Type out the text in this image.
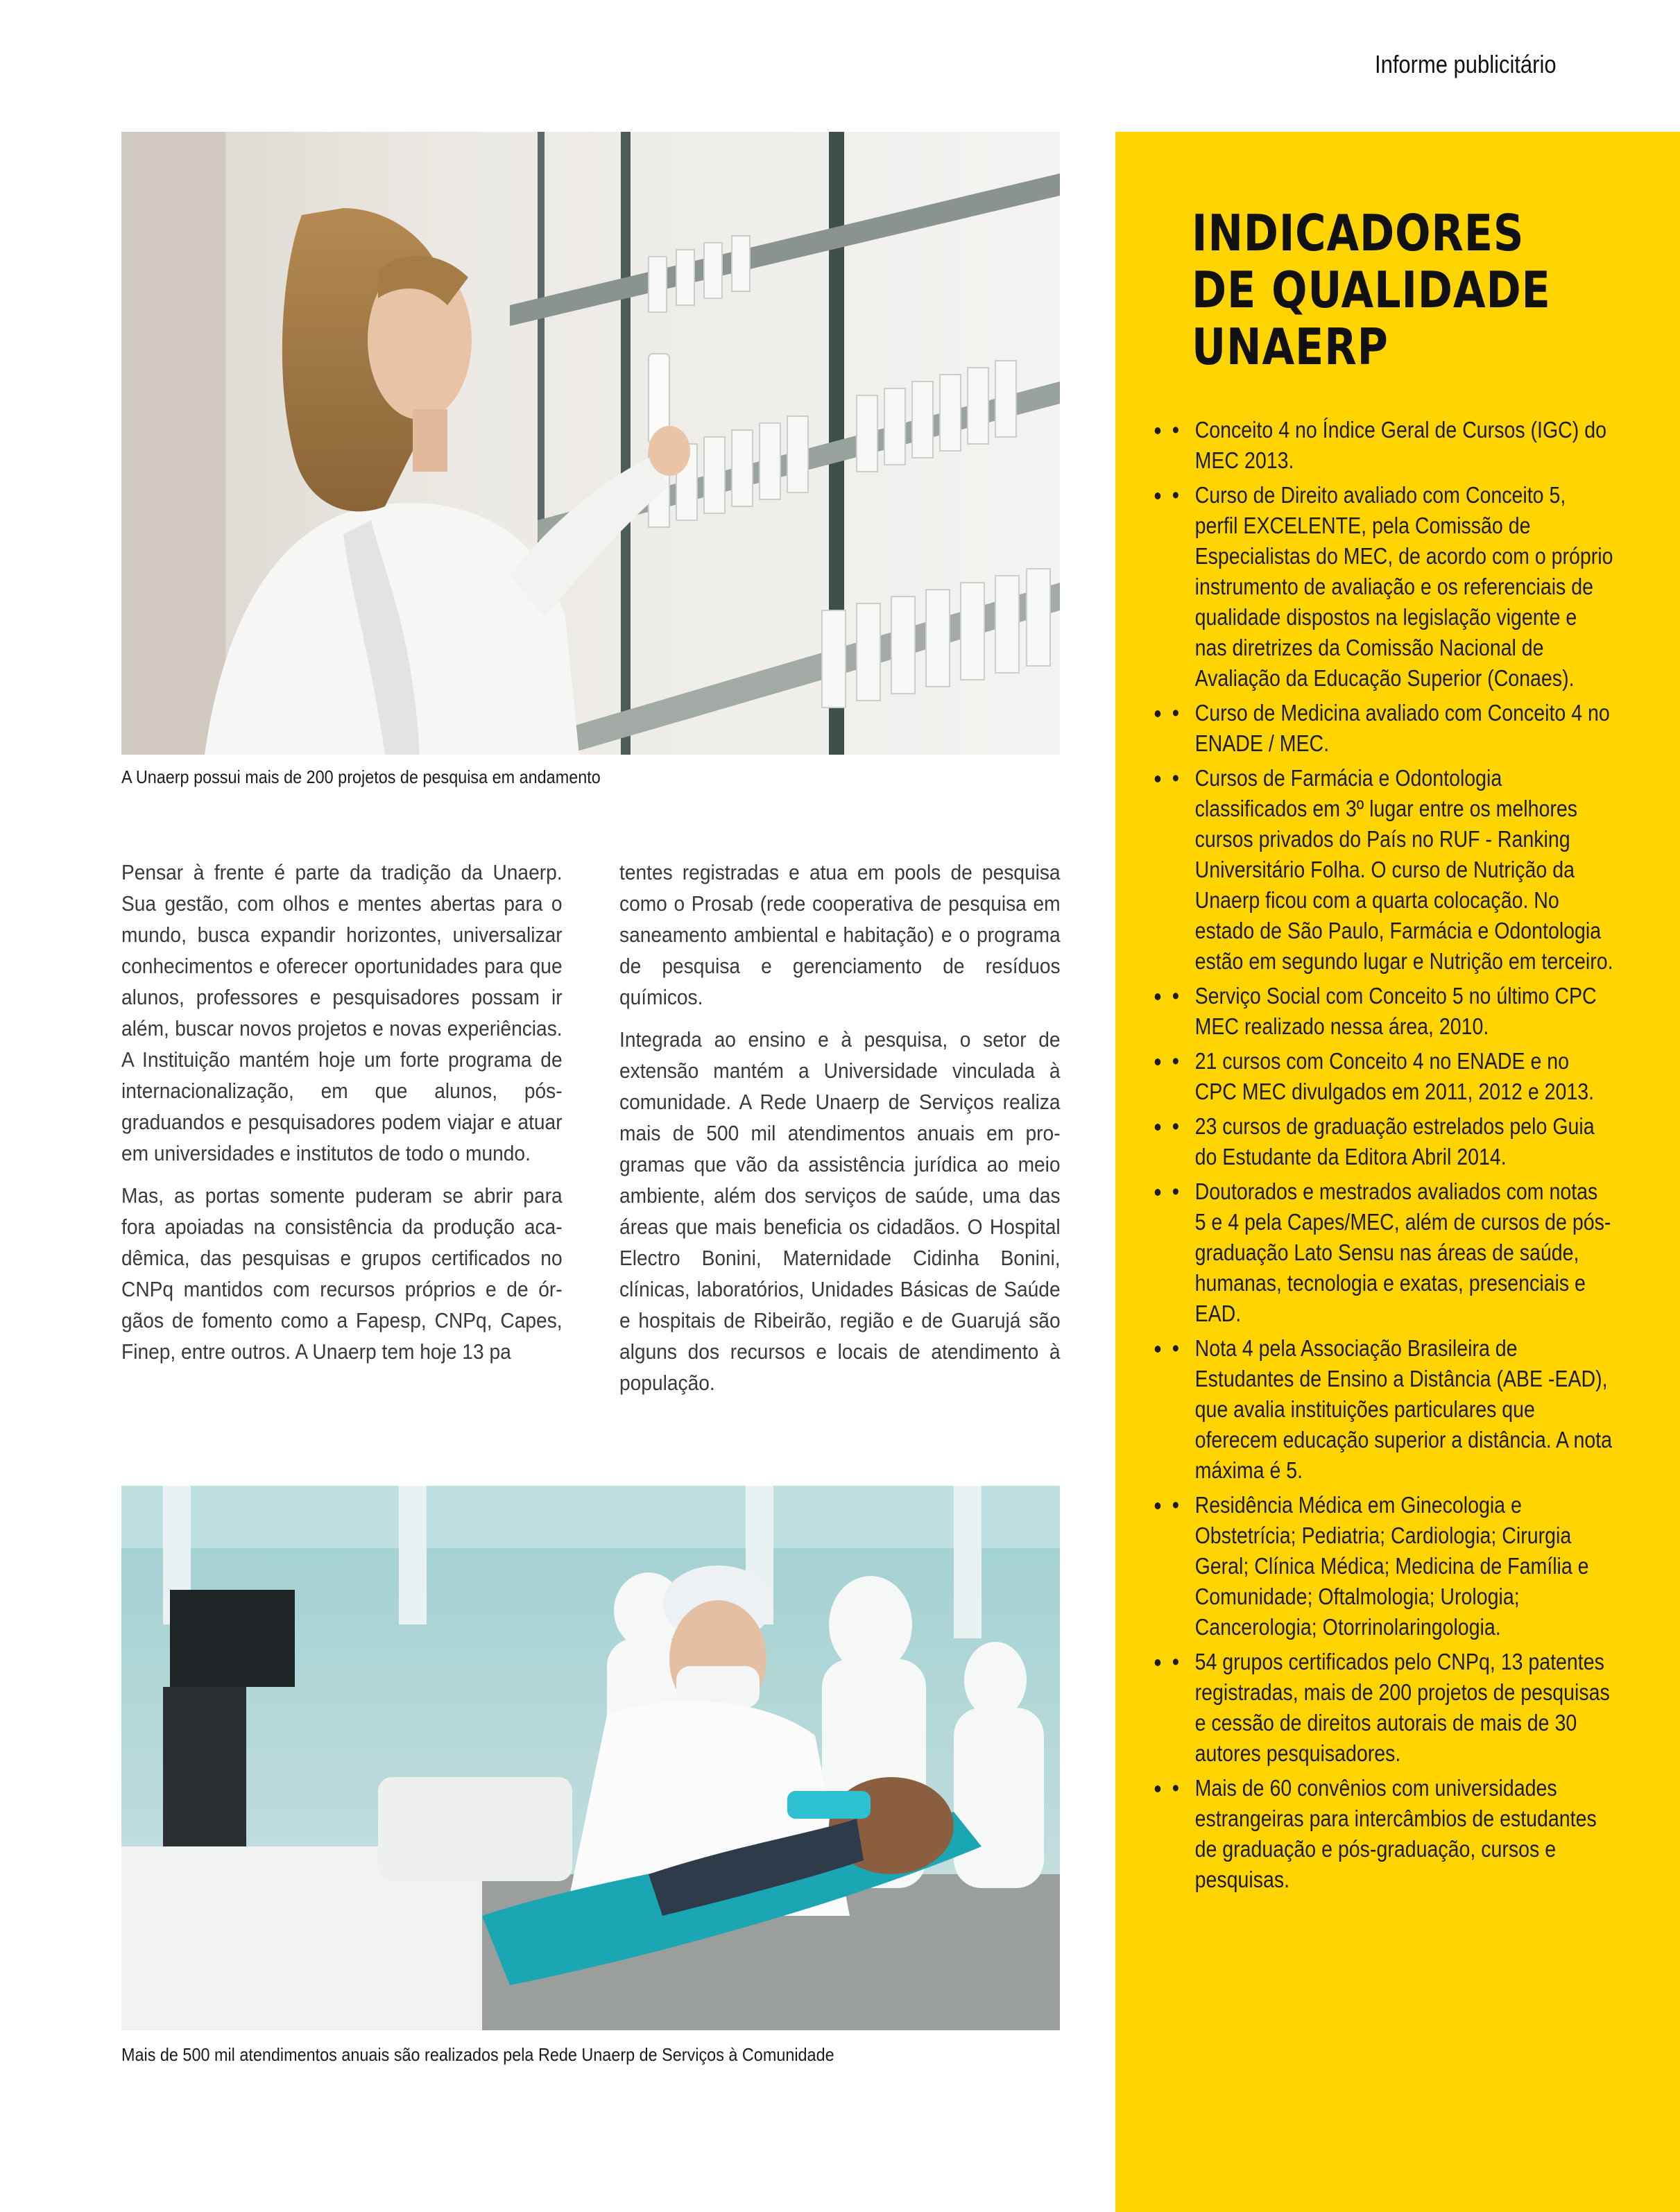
Informe publicitário
A Unaerp possui mais de 200 projetos de pesquisa em andamento

Pensar à frente é parte da tradição da Unaerp. Sua gestão, com olhos e mentes abertas para o mundo, busca expandir horizontes, universalizar conhecimentos e oferecer oportunidades para que alunos, professores e pesquisadores possam ir além, buscar novos projetos e novas experiências. A Instituição mantém hoje um forte programa de internacionalização, em que alunos, pós-graduandos e pesquisadores podem viajar e atuar em universidades e institutos de todo o mundo.

Mas, as portas somente puderam se abrir para fora apoiadas na consistência da produção acadêmica, das pesquisas e grupos certificados no CNPq mantidos com recursos próprios e de órgãos de fomento como a Fapesp, CNPq, Capes, Finep, entre outros. A Unaerp tem hoje 13 pa

tentes registradas e atua em pools de pesquisa como o Prosab (rede cooperativa de pesquisa em saneamento ambiental e habitação) e o programa de pesquisa e gerenciamento de resíduos químicos.

Integrada ao ensino e à pesquisa, o setor de extensão mantém a Universidade vinculada à comunidade. A Rede Unaerp de Serviços realiza mais de 500 mil atendimentos anuais em programas que vão da assistência jurídica ao meio ambiente, além dos serviços de saúde, uma das áreas que mais beneficia os cidadãos. O Hospital Electro Bonini, Maternidade Cidinha Bonini, clínicas, laboratórios, Unidades Básicas de Saúde e hospitais de Ribeirão, região e de Guarujá são alguns dos recursos e locais de atendimento à população.

Mais de 500 mil atendimentos anuais são realizados pela Rede Unaerp de Serviços à Comunidade
INDICADORES
DE QUALIDADE
UNAERP
• • Conceito 4 no Índice Geral de Cursos (IGC) do MEC 2013.
• • Curso de Direito avaliado com Conceito 5, perfil EXCELENTE, pela Comissão de Especialistas do MEC, de acordo com o próprio instrumento de avaliação e os referenciais de qualidade dispostos na legislação vigente e nas diretrizes da Comissão Nacional de Avaliação da Educação Superior (Conaes).
• • Curso de Medicina avaliado com Conceito 4 no ENADE / MEC.
• • Cursos de Farmácia e Odontologia classificados em 3º lugar entre os melhores cursos privados do País no RUF - Ranking Universitário Folha. O curso de Nutrição da Unaerp ficou com a quarta colocação. No estado de São Paulo, Farmácia e Odontologia estão em segundo lugar e Nutrição em terceiro.
• • Serviço Social com Conceito 5 no último CPC MEC realizado nessa área, 2010.
• • 21 cursos com Conceito 4 no ENADE e no CPC MEC divulgados em 2011, 2012 e 2013.
• • 23 cursos de graduação estrelados pelo Guia do Estudante da Editora Abril 2014.
• • Doutorados e mestrados avaliados com notas 5 e 4 pela Capes/MEC, além de cursos de pós-graduação Lato Sensu nas áreas de saúde, humanas, tecnologia e exatas, presenciais e EAD.
• • Nota 4 pela Associação Brasileira de Estudantes de Ensino a Distância (ABE -EAD), que avalia instituições particulares que oferecem educação superior a distância. A nota máxima é 5.
• • Residência Médica em Ginecologia e Obstetrícia; Pediatria; Cardiologia; Cirurgia Geral; Clínica Médica; Medicina de Família e Comunidade; Oftalmologia; Urologia; Cancerologia; Otorrinolaringologia.
• • 54 grupos certificados pelo CNPq, 13 patentes registradas, mais de 200 projetos de pesquisas e cessão de direitos autorais de mais de 30 autores pesquisadores.
• • Mais de 60 convênios com universidades estrangeiras para intercâmbios de estudantes de graduação e pós-graduação, cursos e pesquisas.
